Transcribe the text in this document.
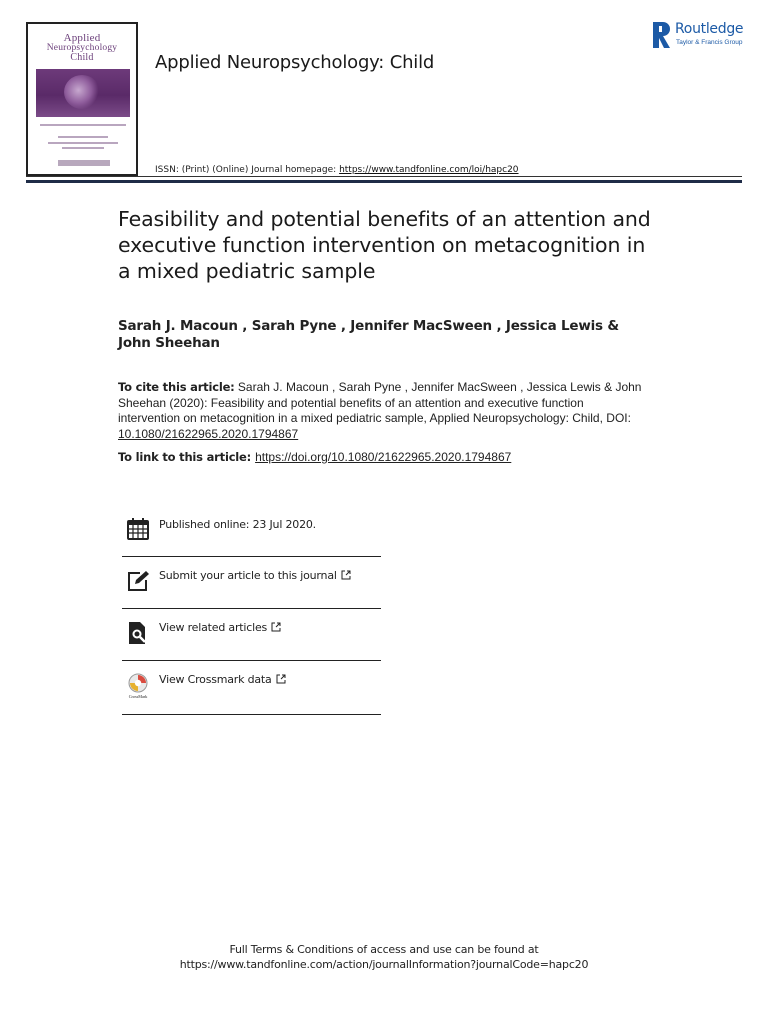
Applied
Neuropsychology
Child	Applied Neuropsychology: Child
Routledge
Taylor & Francis Group
ISSN: (Print) (Online) Journal homepage: https://www.tandfonline.com/loi/hapc20
Feasibility and potential benefits of an attention and executive function intervention on metacognition in a mixed pediatric sample
Sarah J. Macoun , Sarah Pyne , Jennifer MacSween , Jessica Lewis & John Sheehan
To cite this article: Sarah J. Macoun , Sarah Pyne , Jennifer MacSween , Jessica Lewis & John Sheehan (2020): Feasibility and potential benefits of an attention and executive function intervention on metacognition in a mixed pediatric sample, Applied Neuropsychology: Child, DOI: 10.1080/21622965.2020.1794867
To link to this article: https://doi.org/10.1080/21622965.2020.1794867
Published online: 23 Jul 2020.
Submit your article to this journal
View related articles
CrossMark
View Crossmark data
Full Terms & Conditions of access and use can be found at
https://www.tandfonline.com/action/journalInformation?journalCode=hapc20
